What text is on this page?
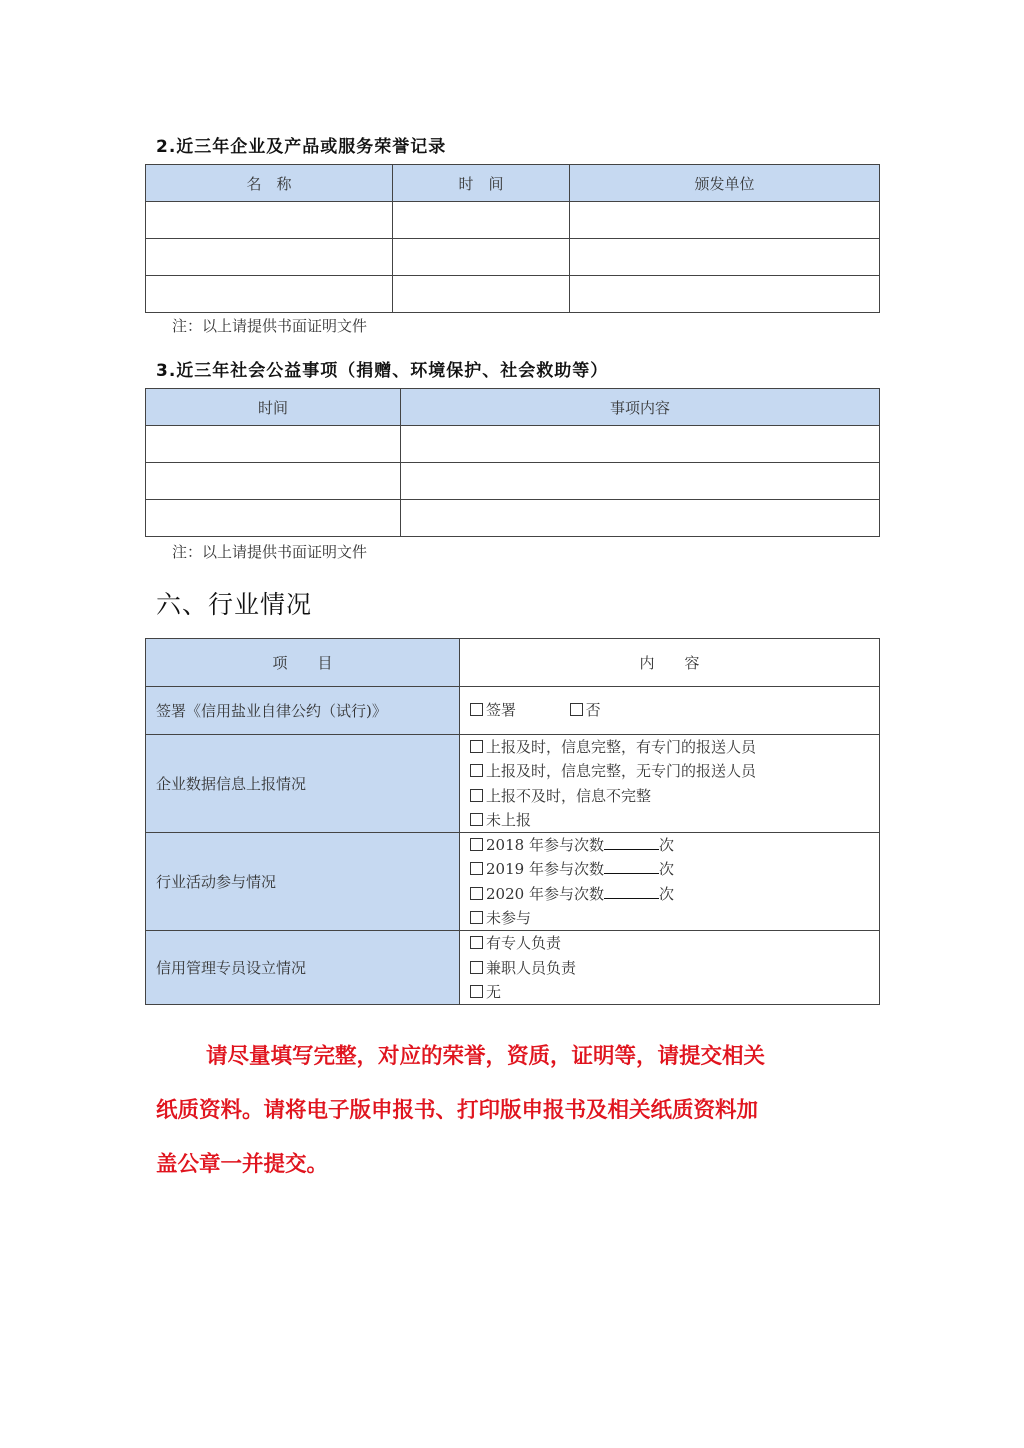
2.近三年企业及产品或服务荣誉记录
名　称	时　间	颁发单位

注：以上请提供书面证明文件
3.近三年社会公益事项（捐赠、环境保护、社会救助等）
时间	事项内容

注：以上请提供书面证明文件
六、行业情况
项　　目	内　　容
签署《信用盐业自律公约（试行)》	签署 否
企业数据信息上报情况	上报及时，信息完整，有专门的报送人员
上报及时，信息完整，无专门的报送人员
上报不及时，信息不完整
未上报

行业活动参与情况	2018 年参与次数 次
2019 年参与次数 次
2020 年参与次数 次
未参与

信用管理专员设立情况	有专人负责
兼职人员负责
无
请尽量填写完整，对应的荣誉，资质，证明等，请提交相关
纸质资料。请将电子版申报书、打印版申报书及相关纸质资料加
盖公章一并提交。
